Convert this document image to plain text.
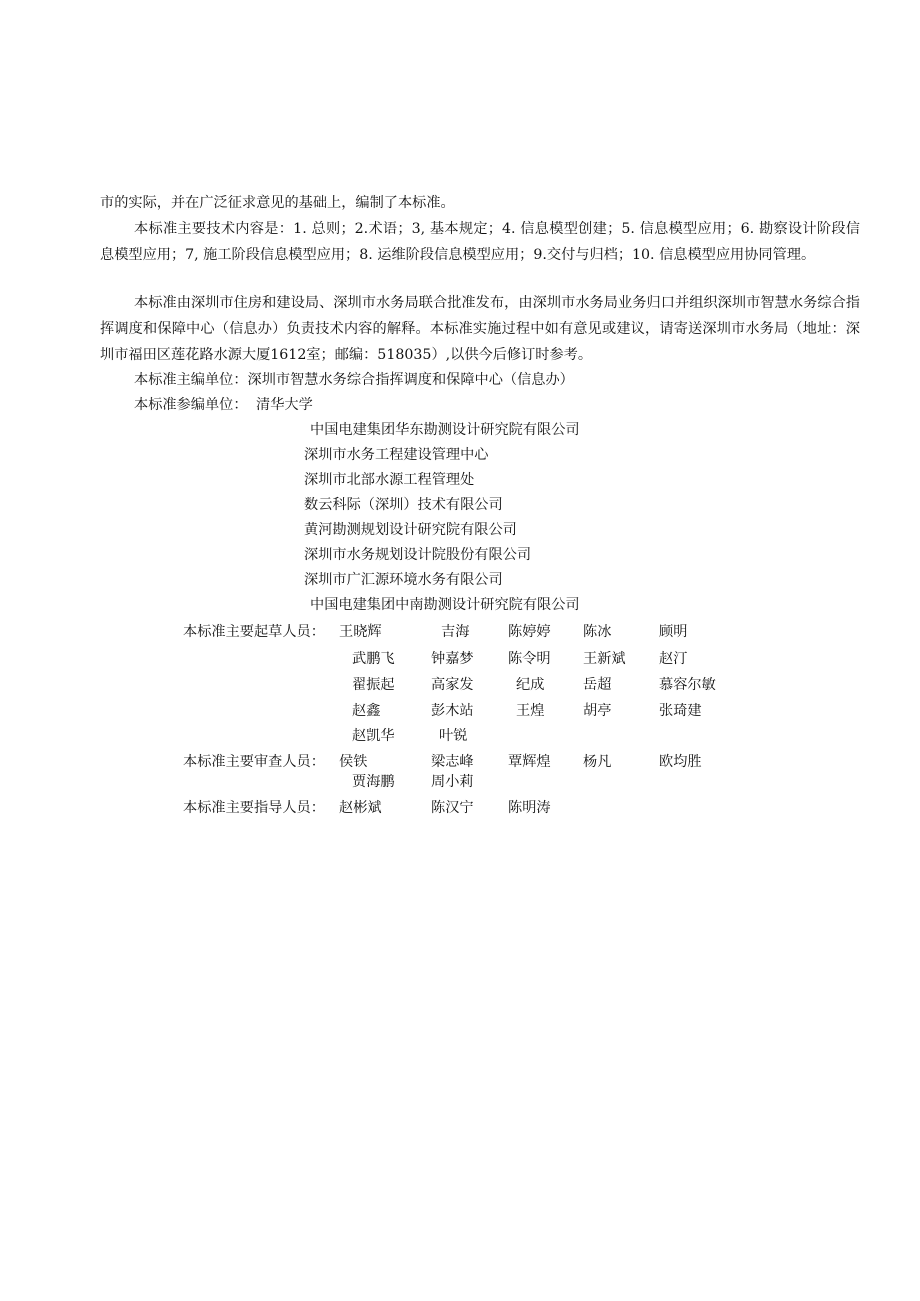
市的实际，并在广泛征求意见的基础上，编制了本标准。

本标准主要技术内容是：1. 总则；2.术语；3, 基本规定；4. 信息模型创建；5. 信息模型应用；6. 勘察设计阶段信息模型应用；7, 施工阶段信息模型应用；8. 运维阶段信息模型应用；9.交付与归档；10. 信息模型应用协同管理。

本标准由深圳市住房和建设局、深圳市水务局联合批准发布，由深圳市水务局业务归口并组织深圳市智慧水务综合指挥调度和保障中心（信息办）负责技术内容的解释。本标准实施过程中如有意见或建议，请寄送深圳市水务局（地址：深圳市福田区莲花路水源大厦1612室；邮编：518035）,以供今后修订时参考。

本标准主编单位：深圳市智慧水务综合指挥调度和保障中心（信息办）
本标准参编单位： 清华大学
中国电建集团华东勘测设计研究院有限公司
深圳市水务工程建设管理中心
深圳市北部水源工程管理处
数云科际（深圳）技术有限公司
黄河勘测规划设计研究院有限公司
深圳市水务规划设计院股份有限公司
深圳市广汇源环境水务有限公司
中国电建集团中南勘测设计研究院有限公司
本标准主要起草人员： 王晓辉	吉海	陈婷婷 陈冰	顾明
武鹏飞	钟嘉梦 陈令明 王新斌 赵汀
翟振起	高家发	纪成	岳超	慕容尔敏
赵鑫	彭木站	王煌	胡亭	张琦建
赵凯华	叶锐
本标准主要审查人员： 侯铁	梁志峰 覃辉煌 杨凡	欧均胜
贾海鹏	周小莉
本标准主要指导人员： 赵彬斌	陈汉宁 陈明涛
